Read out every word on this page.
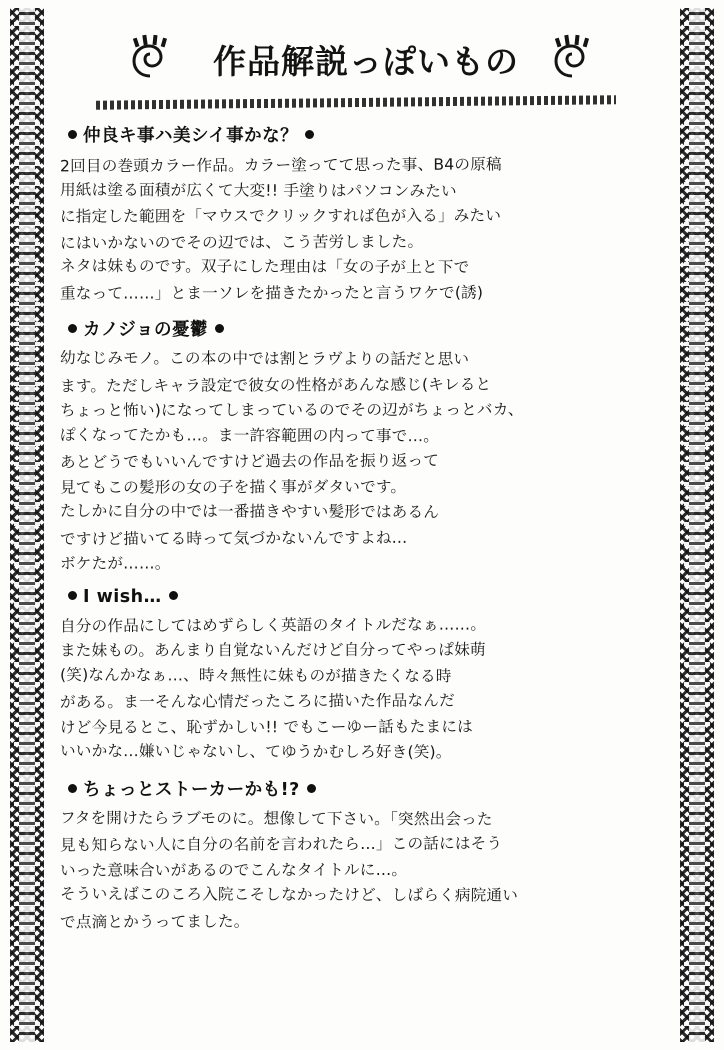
作品解説っぽいもの
仲良キ事ハ美シイ事かな？

2回目の巻頭カラー作品。カラー塗ってて思った事、B4の原稿
用紙は塗る面積が広くて大変!! 手塗りはパソコンみたい
に指定した範囲を「マウスでクリックすれば色が入る」みたい
にはいかないのでその辺では、こう苦労しました。
ネタは妹ものです。双子にした理由は「女の子が上と下で
重なって……」とま一ソレを描きたかったと言うワケで(誘)

カノジョの憂鬱

幼なじみモノ。この本の中では割とラヴよりの話だと思い
ます。ただしキャラ設定で彼女の性格があんな感じ(キレると
ちょっと怖い)になってしまっているのでその辺がちょっとバカ、
ぽくなってたかも…。ま一許容範囲の内って事で…。
あとどうでもいいんですけど過去の作品を振り返って
見てもこの髪形の女の子を描く事がダタいです。
たしかに自分の中では一番描きやすい髪形ではあるん
ですけど描いてる時って気づかないんですよね…
ボケたが……。

I wish…

自分の作品にしてはめずらしく英語のタイトルだなぁ……。
また妹もの。あんまり自覚ないんだけど自分ってやっぱ妹萌
(笑)なんかなぁ…、時々無性に妹ものが描きたくなる時
がある。ま一そんな心情だったころに描いた作品なんだ
けど今見るとこ、恥ずかしい!! でもこーゆー話もたまには
いいかな…嫌いじゃないし、てゆうかむしろ好き(笑)。

ちょっとストーカーかも!?

フタを開けたらラブモのに。想像して下さい。「突然出会った
見も知らない人に自分の名前を言われたら…」この話にはそう
いった意味合いがあるのでこんなタイトルに…。
そういえばこのころ入院こそしなかったけど、しばらく病院通い
で点滴とかうってました。
